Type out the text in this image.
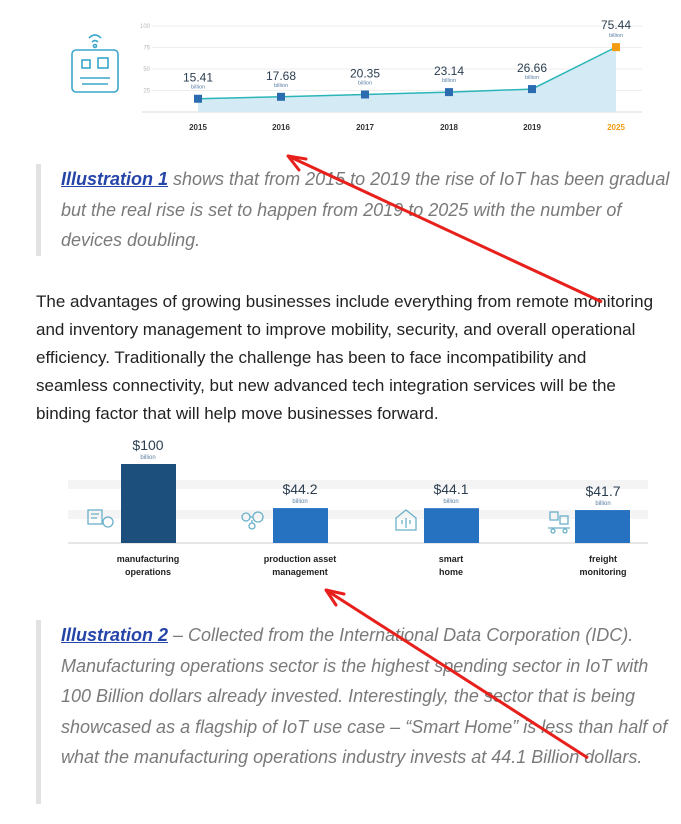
100
75
50
25
15.41
billion
2015
17.68
billion
2016
20.35
billion
2017
23.14
billion
2018
26.66
billion
2019
75.44
billion
2025
Illustration 1 shows that from 2015 to 2019 the rise of IoT has been gradual but the real rise is set to happen from 2019 to 2025 with the number of devices doubling.
The advantages of growing businesses include everything from remote monitoring and inventory management to improve mobility, security, and overall operational efficiency. Traditionally the challenge has been to face incompatibility and seamless connectivity, but new advanced tech integration services will be the binding factor that will help move businesses forward.
$100
billion
manufacturing
operations
$44.2
billion
production asset
management
$44.1
billion
smart
home
$41.7
billion
freight
monitoring
Illustration 2 – Collected from the International Data Corporation (IDC). Manufacturing operations sector is the highest spending sector in IoT with 100 Billion dollars already invested. Interestingly, the sector that is being showcased as a flagship of IoT use case – “Smart Home” is less than half of what the manufacturing operations industry invests at 44.1 Billion dollars.
